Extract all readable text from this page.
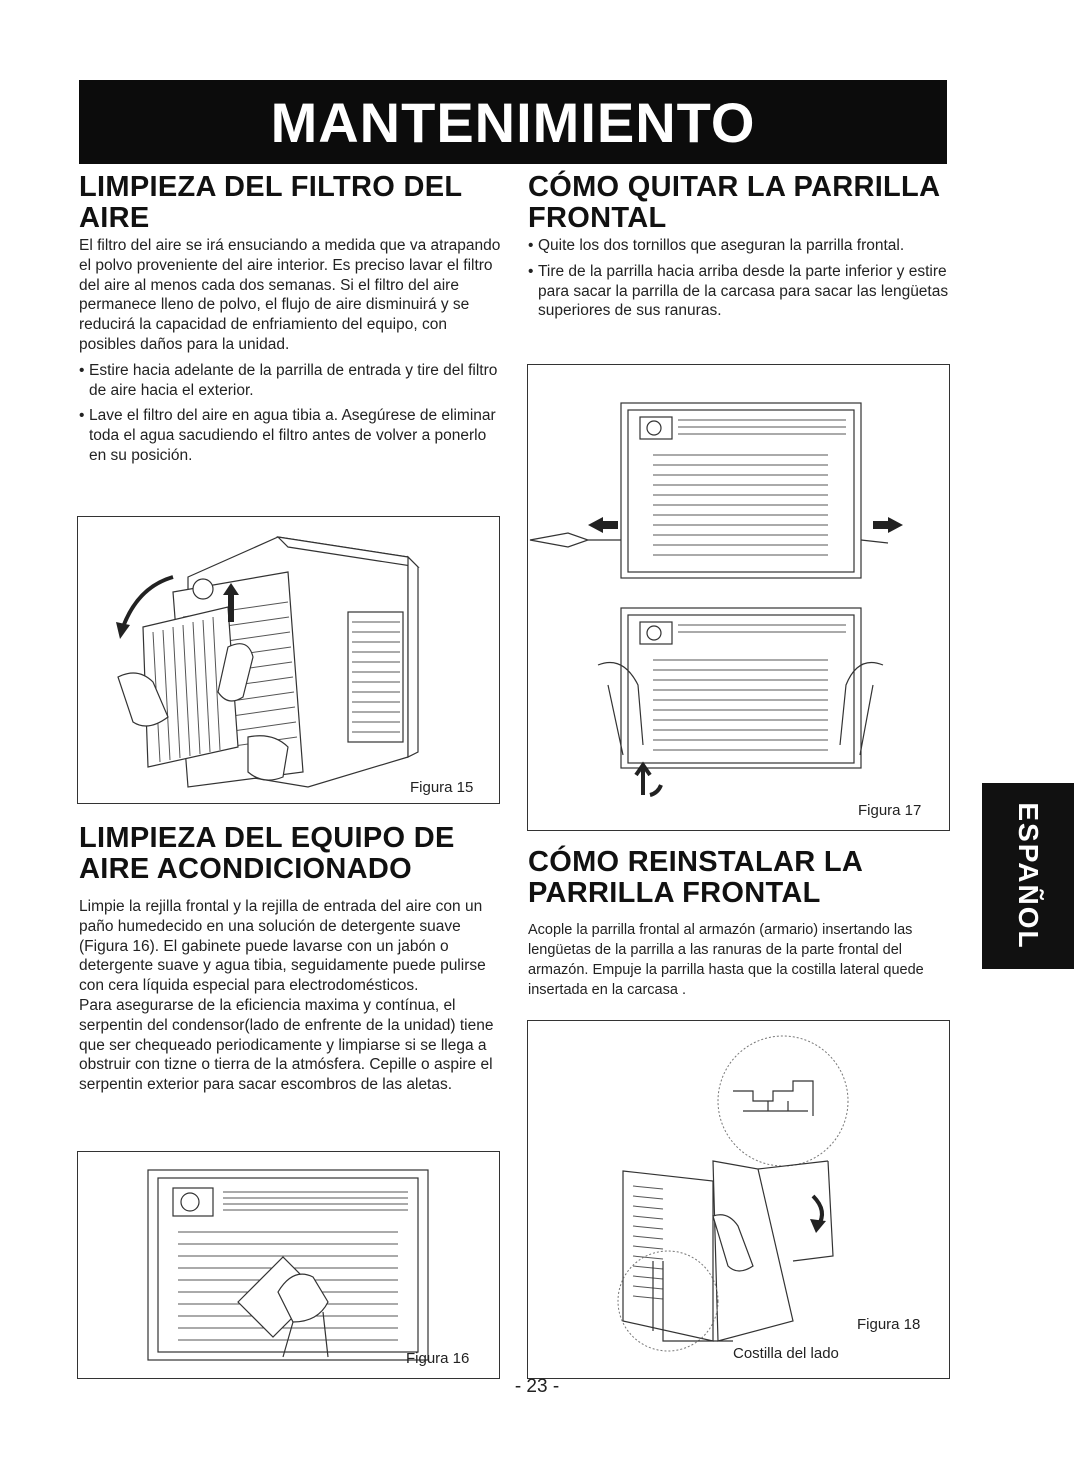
MANTENIMIENTO
LIMPIEZA DEL FILTRO DEL AIRE

El filtro del aire se irá ensuciando a medida que va atrapando el polvo proveniente del aire interior. Es preciso lavar el filtro del aire al menos cada dos semanas. Si el filtro del aire permanece lleno de polvo, el flujo de aire disminuirá y se reducirá la capacidad de enfriamiento del equipo, con posibles daños para la unidad.

• Estire hacia adelante de la parrilla de entrada y tire del filtro de aire hacia el exterior.
• Lave el filtro del aire en agua tibia a. Asegúrese de eliminar toda el agua sacudiendo el filtro antes de volver a ponerlo en su posición.
Figura 15
LIMPIEZA DEL EQUIPO DE AIRE ACONDICIONADO

Limpie la rejilla frontal y la rejilla de entrada del aire con un paño humedecido en una solución de detergente suave (Figura 16). El gabinete puede lavarse con un jabón o detergente suave y agua tibia, seguidamente puede pulirse con cera líquida especial para electrodomésticos.

Para asegurarse de la eficiencia maxima y contínua, el serpentin del condensor(lado de enfrente de la unidad) tiene que ser chequeado periodicamente y limpiarse si se llega a obstruir con tizne o tierra de la atmósfera. Cepille o aspire el serpentin exterior para sacar escombros de las aletas.

Figura 16
CÓMO QUITAR LA PARRILLA FRONTAL
• Quite los dos tornillos que aseguran la parrilla frontal.
• Tire de la parrilla hacia arriba desde la parte inferior y estire para sacar la parrilla de la carcasa para sacar las lengüetas superiores de sus ranuras.
Figura 17
CÓMO REINSTALAR LA PARRILLA FRONTAL

Acople la parrilla frontal al armazón (armario) insertando las lengüetas de la parrilla a las ranuras de la parte frontal del armazón. Empuje la parrilla hasta que la costilla lateral quede insertada en la carcasa .

Figura 18
Costilla del lado
ESPAÑOL
- 23 -
